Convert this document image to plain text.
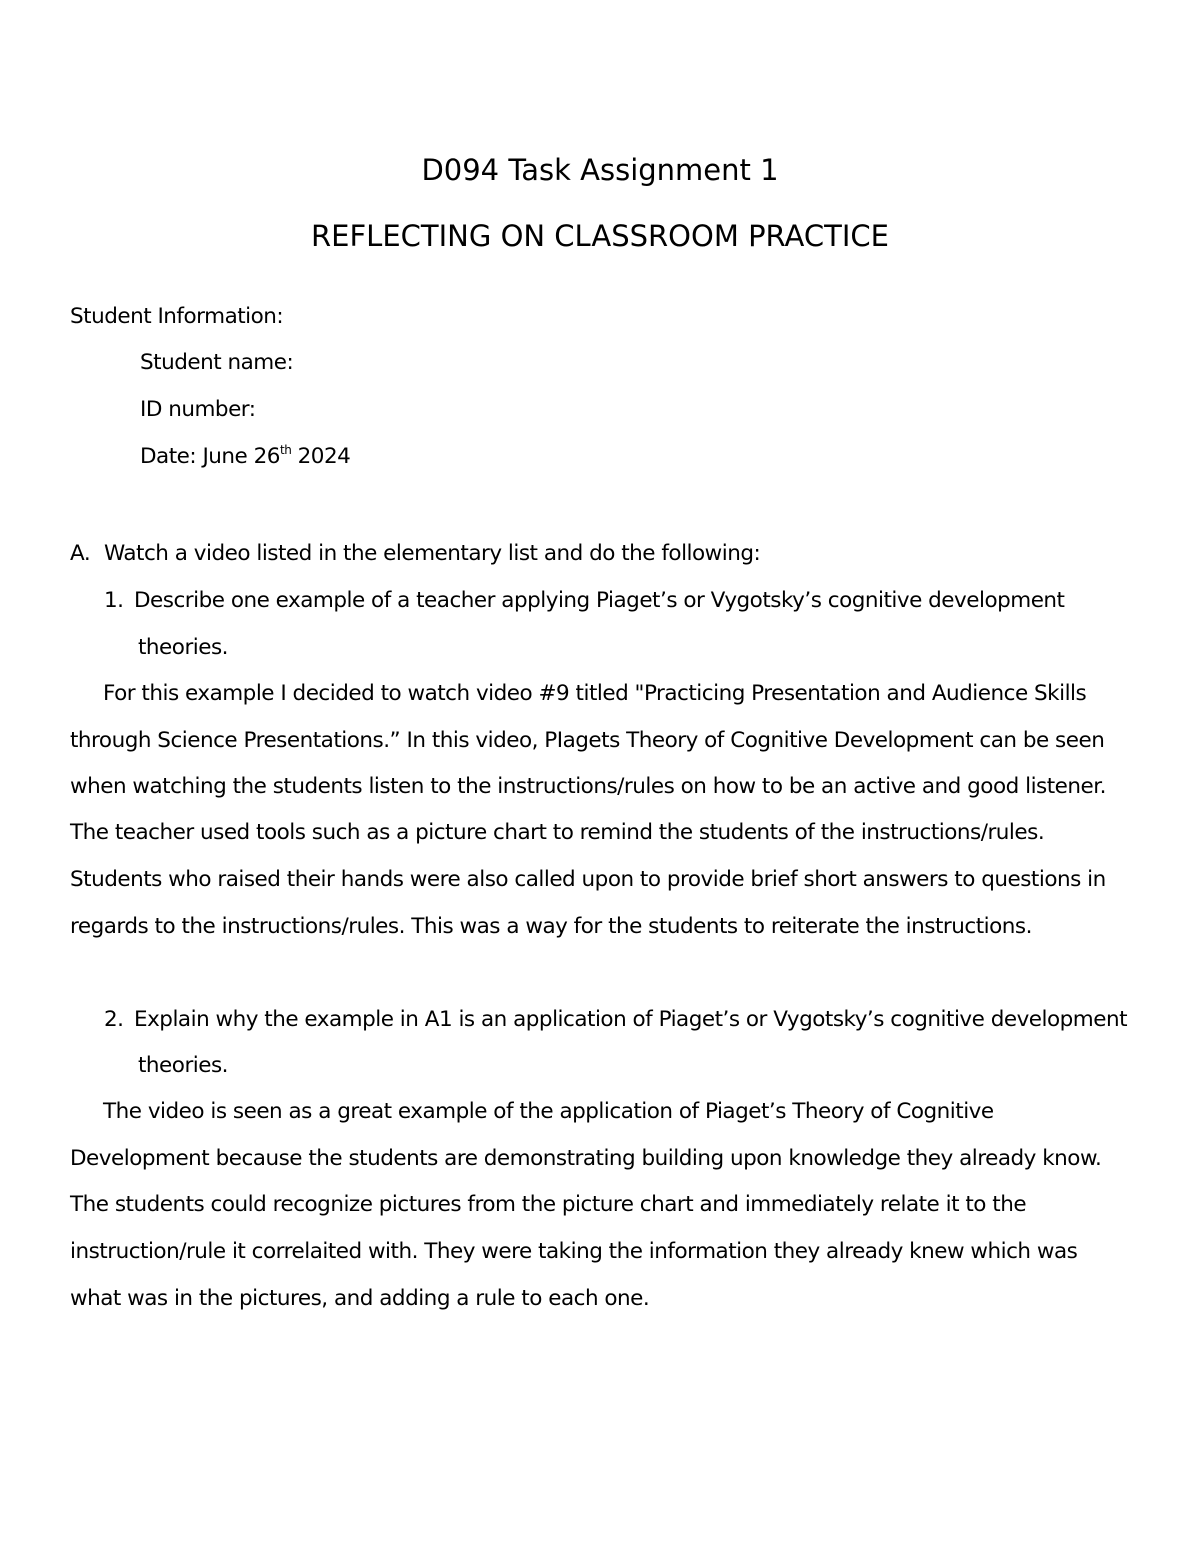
D094 Task Assignment 1
REFLECTING ON CLASSROOM PRACTICE
Student Information:
Student name:
ID number:
Date: June 26th 2024
A. Watch a video listed in the elementary list and do the following:
1. Describe one example of a teacher applying Piaget’s or Vygotsky’s cognitive development
theories.
For this example I decided to watch video #9 titled "Practicing Presentation and Audience Skills
through Science Presentations.” In this video, PIagets Theory of Cognitive Development can be seen
when watching the students listen to the instructions/rules on how to be an active and good listener.
The teacher used tools such as a picture chart to remind the students of the instructions/rules.
Students who raised their hands were also called upon to provide brief short answers to questions in
regards to the instructions/rules. This was a way for the students to reiterate the instructions.
2. Explain why the example in A1 is an application of Piaget’s or Vygotsky’s cognitive development
theories.
The video is seen as a great example of the application of Piaget’s Theory of Cognitive
Development because the students are demonstrating building upon knowledge they already know.
The students could recognize pictures from the picture chart and immediately relate it to the
instruction/rule it correlaited with. They were taking the information they already knew which was
what was in the pictures, and adding a rule to each one.
